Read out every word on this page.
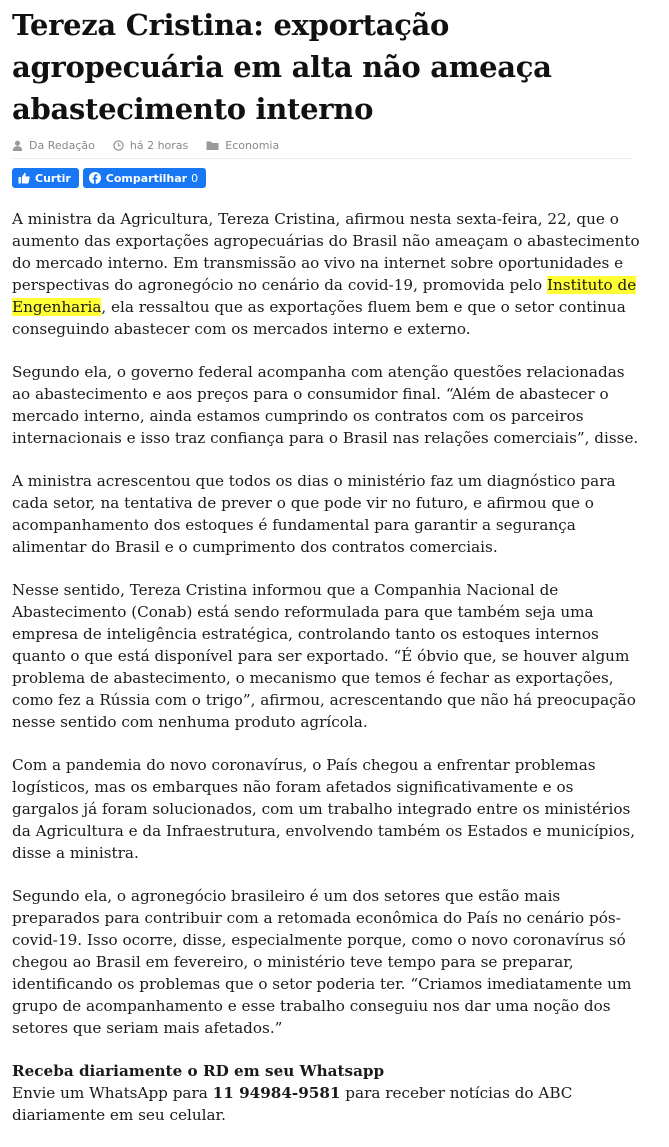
Tereza Cristina: exportação agropecuária em alta não ameaça abastecimento interno
Da Redação	há 2 horas	Economia
Curtir	Compartilhar 0

A ministra da Agricultura, Tereza Cristina, afirmou nesta sexta-feira, 22, que o aumento das exportações agropecuárias do Brasil não ameaçam o abastecimento do mercado interno. Em transmissão ao vivo na internet sobre oportunidades e perspectivas do agronegócio no cenário da covid-19, promovida pelo Instituto de Engenharia, ela ressaltou que as exportações fluem bem e que o setor continua conseguindo abastecer com os mercados interno e externo.

Segundo ela, o governo federal acompanha com atenção questões relacionadas ao abastecimento e aos preços para o consumidor final. “Além de abastecer o mercado interno, ainda estamos cumprindo os contratos com os parceiros internacionais e isso traz confiança para o Brasil nas relações comerciais”, disse.

A ministra acrescentou que todos os dias o ministério faz um diagnóstico para cada setor, na tentativa de prever o que pode vir no futuro, e afirmou que o acompanhamento dos estoques é fundamental para garantir a segurança alimentar do Brasil e o cumprimento dos contratos comerciais.

Nesse sentido, Tereza Cristina informou que a Companhia Nacional de Abastecimento (Conab) está sendo reformulada para que também seja uma empresa de inteligência estratégica, controlando tanto os estoques internos quanto o que está disponível para ser exportado. “É óbvio que, se houver algum problema de abastecimento, o mecanismo que temos é fechar as exportações, como fez a Rússia com o trigo”, afirmou, acrescentando que não há preocupação nesse sentido com nenhuma produto agrícola.

Com a pandemia do novo coronavírus, o País chegou a enfrentar problemas logísticos, mas os embarques não foram afetados significativamente e os gargalos já foram solucionados, com um trabalho integrado entre os ministérios da Agricultura e da Infraestrutura, envolvendo também os Estados e municípios, disse a ministra.

Segundo ela, o agronegócio brasileiro é um dos setores que estão mais preparados para contribuir com a retomada econômica do País no cenário pós-covid-19. Isso ocorre, disse, especialmente porque, como o novo coronavírus só chegou ao Brasil em fevereiro, o ministério teve tempo para se preparar, identificando os problemas que o setor poderia ter. “Criamos imediatamente um grupo de acompanhamento e esse trabalho conseguiu nos dar uma noção dos setores que seriam mais afetados.”

Receba diariamente o RD em seu Whatsapp
Envie um WhatsApp para 11 94984-9581 para receber notícias do ABC diariamente em seu celular.
